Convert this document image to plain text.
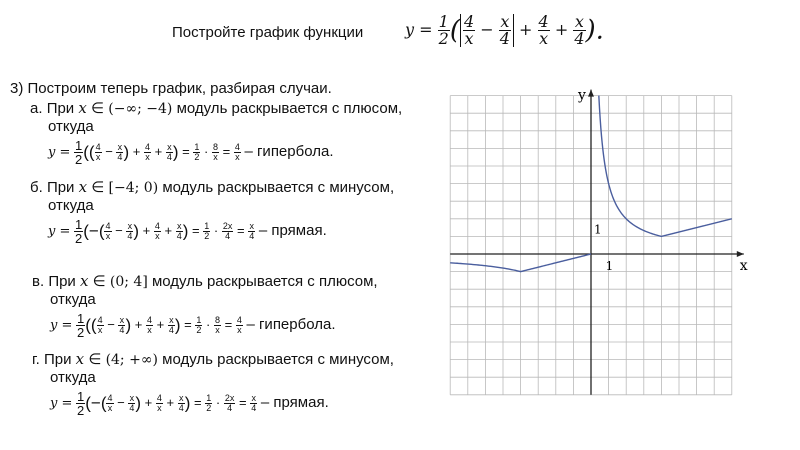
Постройте график функции	$y = \frac{1}{2}$ ( $\frac{4}{x} - \frac{x}{4} + \frac{4}{x} + \frac{x}{4}$ ).
3) Построим теперь график, разбирая случаи.
а. При x ∈ (−∞; −4) модуль раскрывается с плюсом,
откуда
$y = \frac{1}{2}$ (( $\frac{4}{x} - \frac{x}{4}$ ) + $\frac{4}{x} + \frac{x}{4}$ ) = $\frac{1}{2} \cdot \frac{8}{x} = \frac{4}{x}$ – гипербола.
б. При x ∈ [−4; 0) модуль раскрывается с минусом,
откуда
$y = \frac{1}{2}$ (−( $\frac{4}{x} - \frac{x}{4}$ ) + $\frac{4}{x} + \frac{x}{4}$ ) = $\frac{1}{2} \cdot \frac{2x}{4} = \frac{x}{4}$ – прямая.
в. При x ∈ (0; 4] модуль раскрывается с плюсом,
откуда
$y = \frac{1}{2}$ (( $\frac{4}{x} - \frac{x}{4}$ ) + $\frac{4}{x} + \frac{x}{4}$ ) = $\frac{1}{2} \cdot \frac{8}{x} = \frac{4}{x}$ – гипербола.
г. При x ∈ (4; +∞) модуль раскрывается с минусом,
откуда
$y = \frac{1}{2}$ (−( $\frac{4}{x} - \frac{x}{4}$ ) + $\frac{4}{x} + \frac{x}{4}$ ) = $\frac{1}{2} \cdot \frac{2x}{4} = \frac{x}{4}$ – прямая.
x
y
1
1
